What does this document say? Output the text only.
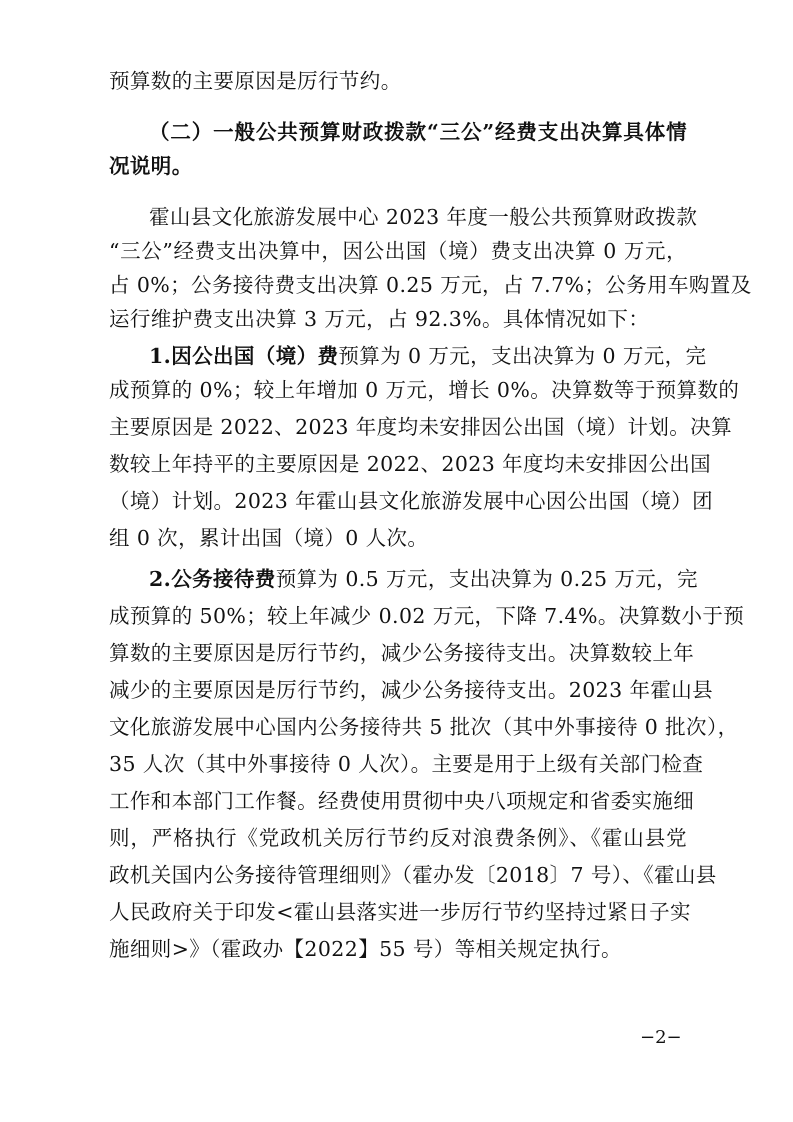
预算数的主要原因是厉行节约。
（二）一般公共预算财政拨款“三公”经费支出决算具体情
况说明。
霍山县文化旅游发展中心 2023 年度一般公共预算财政拨款
“三公”经费支出决算中，因公出国（境）费支出决算 0 万元，
占 0%；公务接待费支出决算 0.25 万元，占 7.7%；公务用车购置及
运行维护费支出决算 3 万元，占 92.3%。具体情况如下：
1.因公出国（境）费预算为 0 万元，支出决算为 0 万元，完
成预算的 0%；较上年增加 0 万元，增长 0%。决算数等于预算数的
主要原因是 2022、2023 年度均未安排因公出国（境）计划。决算
数较上年持平的主要原因是 2022、2023 年度均未安排因公出国
（境）计划。2023 年霍山县文化旅游发展中心因公出国（境）团
组 0 次，累计出国（境）0 人次。
2.公务接待费预算为 0.5 万元，支出决算为 0.25 万元，完
成预算的 50%；较上年减少 0.02 万元，下降 7.4%。决算数小于预
算数的主要原因是厉行节约，减少公务接待支出。决算数较上年
减少的主要原因是厉行节约，减少公务接待支出。2023 年霍山县
文化旅游发展中心国内公务接待共 5 批次（其中外事接待 0 批次），
35 人次（其中外事接待 0 人次）。主要是用于上级有关部门检查
工作和本部门工作餐。经费使用贯彻中央八项规定和省委实施细
则，严格执行《党政机关厉行节约反对浪费条例》、《霍山县党
政机关国内公务接待管理细则》（霍办发〔2018〕7 号）、《霍山县
人民政府关于印发<霍山县落实进一步厉行节约坚持过紧日子实
施细则>》（霍政办【2022】55 号）等相关规定执行。
−2−
